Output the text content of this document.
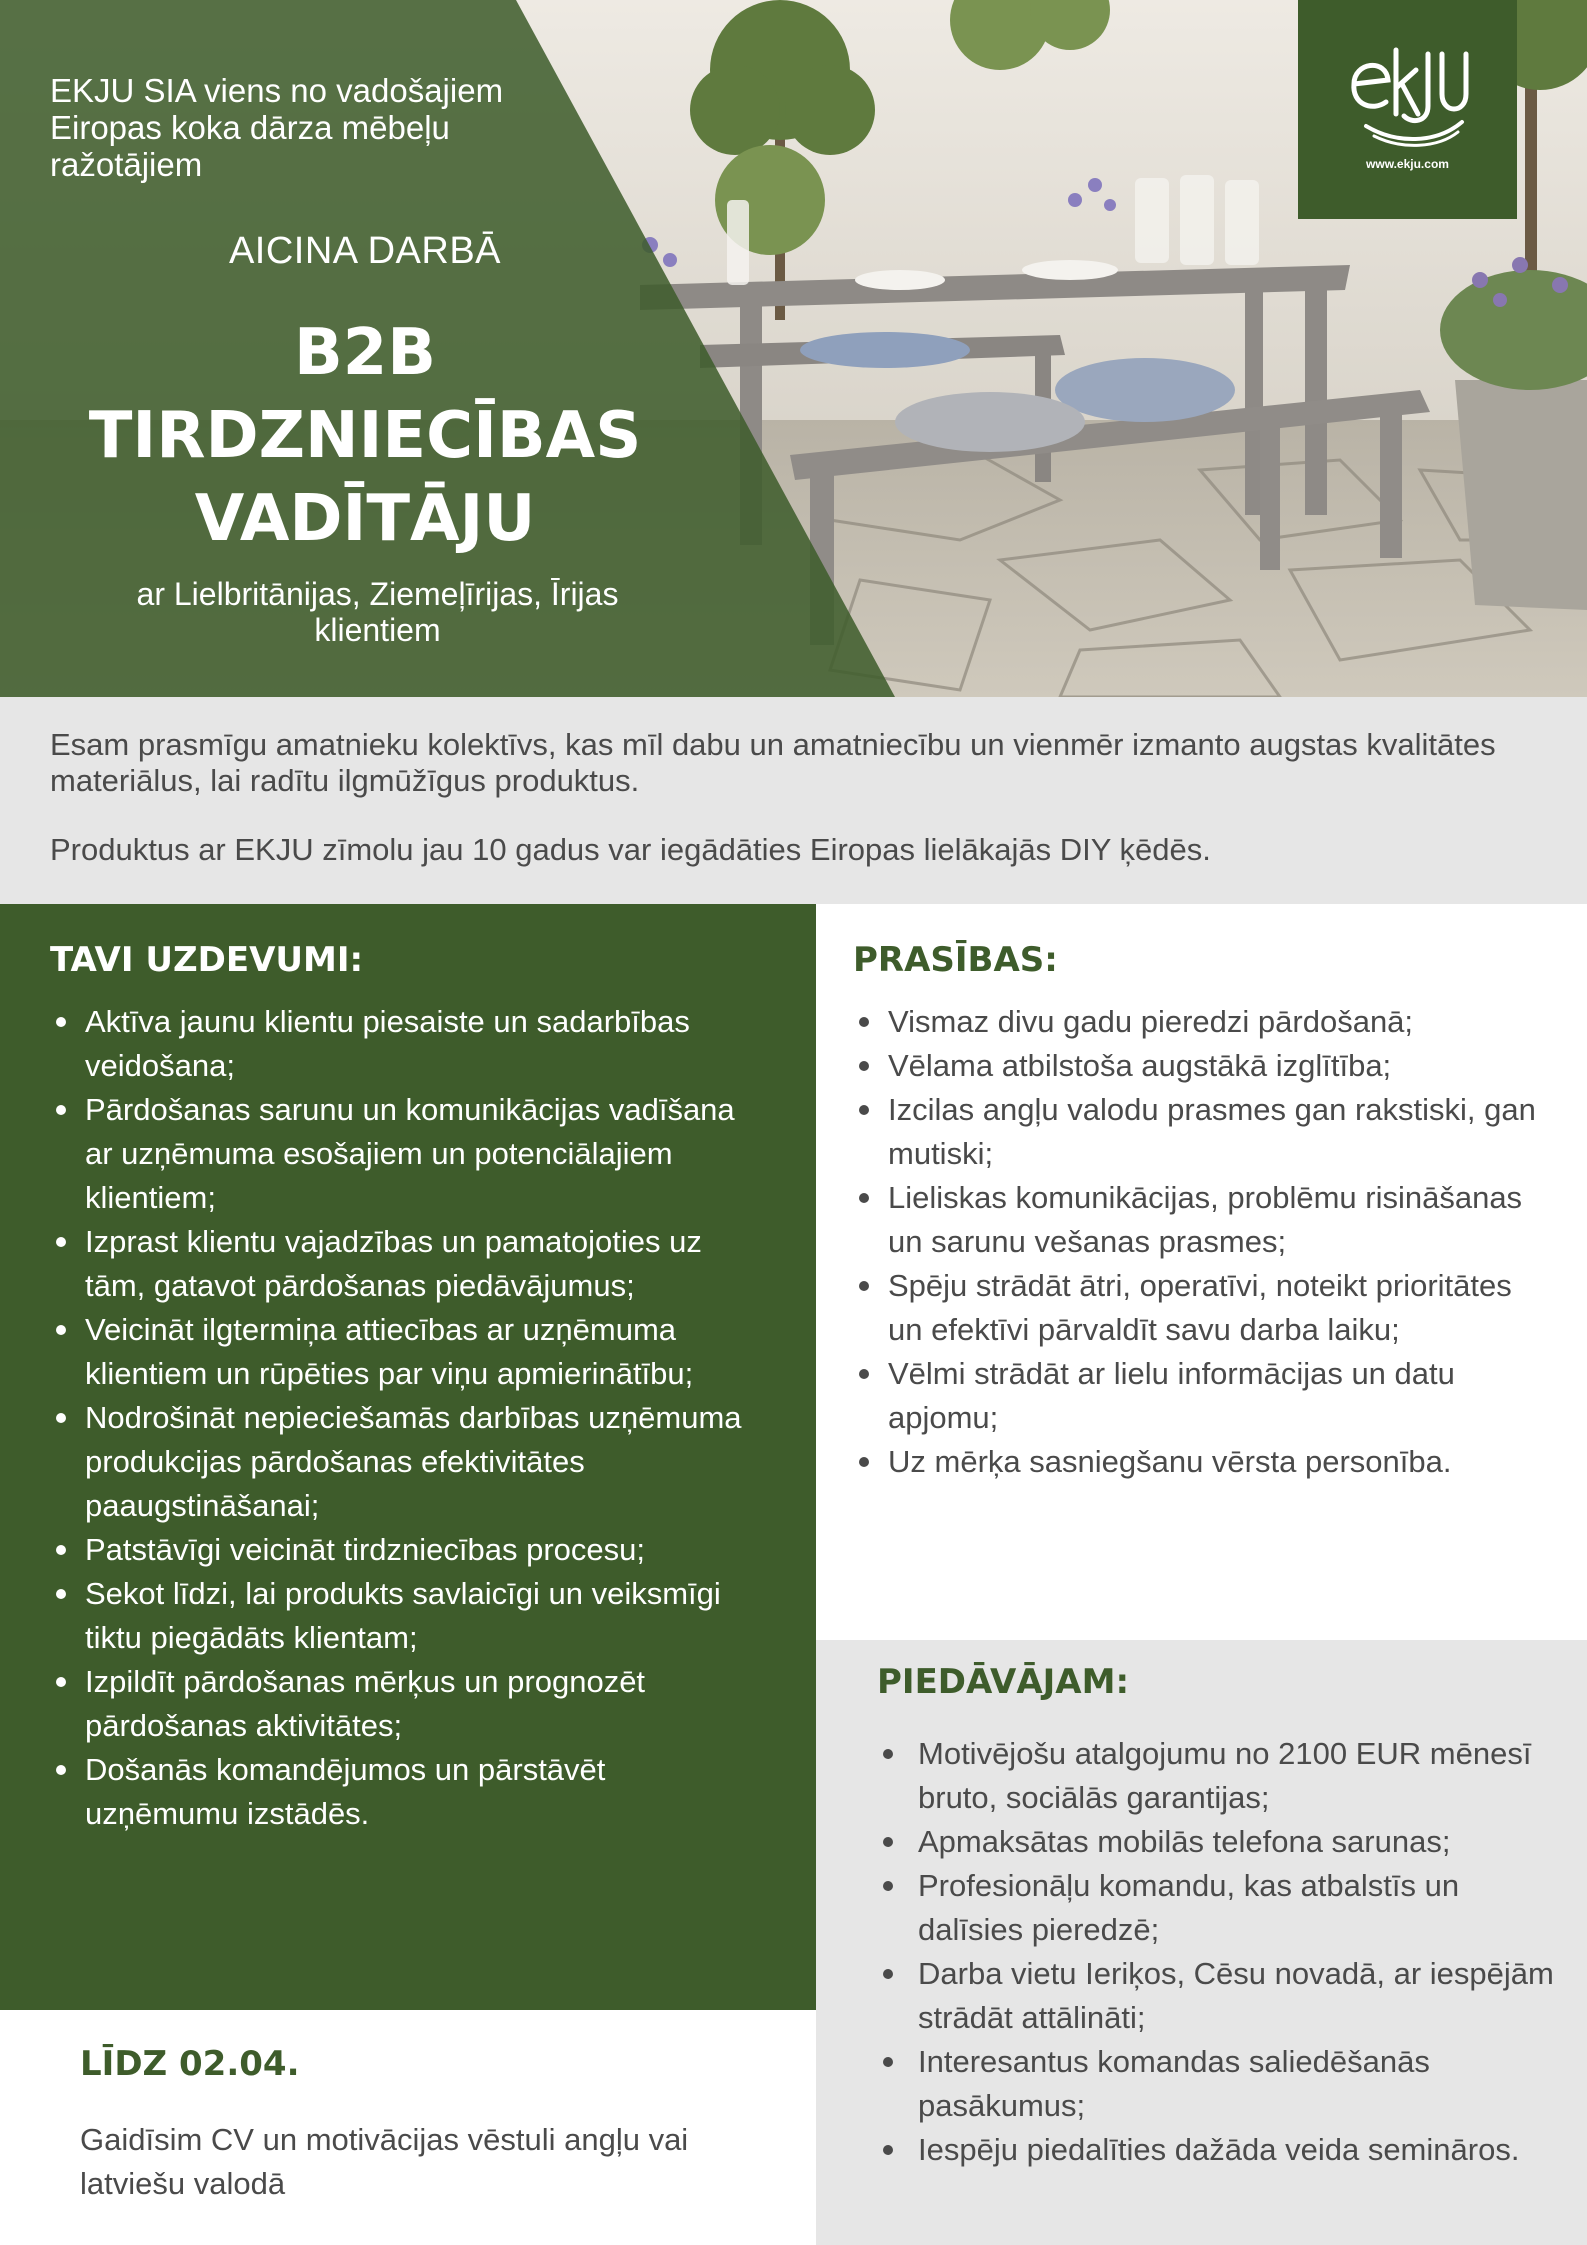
EKJU SIA viens no vadošajiem Eiropas koka dārza mēbeļu ražotājiem
AICINA DARBĀ
B2B
TIRDZNIECĪBAS
VADĪTĀJU
ar Lielbritānijas, Ziemeļīrijas, Īrijas klientiem
www.ekju.com

Esam prasmīgu amatnieku kolektīvs, kas mīl dabu un amatniecību un vienmēr izmanto augstas kvalitātes materiālus, lai radītu ilgmūžīgus produktus.

Produktus ar EKJU zīmolu jau 10 gadus var iegādāties Eiropas lielākajās DIY ķēdēs.

TAVI UZDEVUMI:
Aktīva jaunu klientu piesaiste un sadarbības veidošana;
Pārdošanas sarunu un komunikācijas vadīšana ar uzņēmuma esošajiem un potenciālajiem klientiem;
Izprast klientu vajadzības un pamatojoties uz tām, gatavot pārdošanas piedāvājumus;
Veicināt ilgtermiņa attiecības ar uzņēmuma klientiem un rūpēties par viņu apmierinātību;
Nodrošināt nepieciešamās darbības uzņēmuma produkcijas pārdošanas efektivitātes paaugstināšanai;
Patstāvīgi veicināt tirdzniecības procesu;
Sekot līdzi, lai produkts savlaicīgi un veiksmīgi tiktu piegādāts klientam;
Izpildīt pārdošanas mērķus un prognozēt pārdošanas aktivitātes;
Došanās komandējumos un pārstāvēt uzņēmumu izstādēs.
PRASĪBAS:
Vismaz divu gadu pieredzi pārdošanā;
Vēlama atbilstoša augstākā izglītība;
Izcilas angļu valodu prasmes gan rakstiski, gan mutiski;
Lieliskas komunikācijas, problēmu risināšanas un sarunu vešanas prasmes;
Spēju strādāt ātri, operatīvi, noteikt prioritātes un efektīvi pārvaldīt savu darba laiku;
Vēlmi strādāt ar lielu informācijas un datu apjomu;
Uz mērķa sasniegšanu vērsta personība.
PIEDĀVĀJAM:
Motivējošu atalgojumu no 2100 EUR mēnesī bruto, sociālās garantijas;
Apmaksātas mobilās telefona sarunas;
Profesionāļu komandu, kas atbalstīs un dalīsies pieredzē;
Darba vietu Ieriķos, Cēsu novadā, ar iespējām strādāt attālināti;
Interesantus komandas saliedēšanās pasākumus;
Iespēju piedalīties dažāda veida semināros.
LĪDZ 02.04.

Gaidīsim CV un motivācijas vēstuli angļu vai latviešu valodā
